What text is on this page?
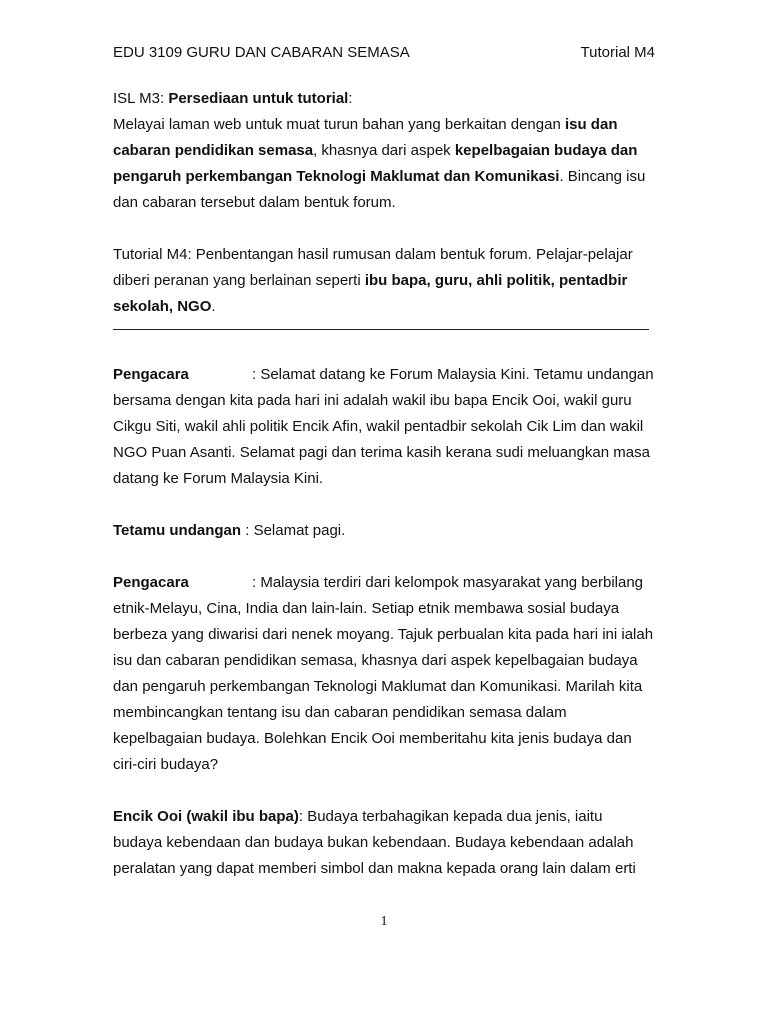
EDU 3109 GURU DAN CABARAN SEMASA	Tutorial M4

ISL M3: Persediaan untuk tutorial:

Melayai laman web untuk muat turun bahan yang berkaitan dengan isu dan cabaran pendidikan semasa, khasnya dari aspek kepelbagaian budaya dan pengaruh perkembangan Teknologi Maklumat dan Komunikasi. Bincang isu dan cabaran tersebut dalam bentuk forum.

Tutorial M4: Penbentangan hasil rumusan dalam bentuk forum. Pelajar-pelajar diberi peranan yang berlainan seperti ibu bapa, guru, ahli politik, pentadbir sekolah, NGO.

Pengacara	: Selamat datang ke Forum Malaysia Kini. Tetamu undangan bersama dengan kita pada hari ini adalah wakil ibu bapa Encik Ooi, wakil guru Cikgu Siti, wakil ahli politik Encik Afin, wakil pentadbir sekolah Cik Lim dan wakil NGO Puan Asanti. Selamat pagi dan terima kasih kerana sudi meluangkan masa datang ke Forum Malaysia Kini.

Tetamu undangan : Selamat pagi.

Pengacara	: Malaysia terdiri dari kelompok masyarakat yang berbilang etnik-Melayu, Cina, India dan lain-lain. Setiap etnik membawa sosial budaya berbeza yang diwarisi dari nenek moyang. Tajuk perbualan kita pada hari ini ialah isu dan cabaran pendidikan semasa, khasnya dari aspek kepelbagaian budaya dan pengaruh perkembangan Teknologi Maklumat dan Komunikasi. Marilah kita membincangkan tentang isu dan cabaran pendidikan semasa dalam kepelbagaian budaya. Bolehkan Encik Ooi memberitahu kita jenis budaya dan ciri-ciri budaya?

Encik Ooi (wakil ibu bapa): Budaya terbahagikan kepada dua jenis, iaitu budaya kebendaan dan budaya bukan kebendaan. Budaya kebendaan adalah peralatan yang dapat memberi simbol dan makna kepada orang lain dalam erti

1
